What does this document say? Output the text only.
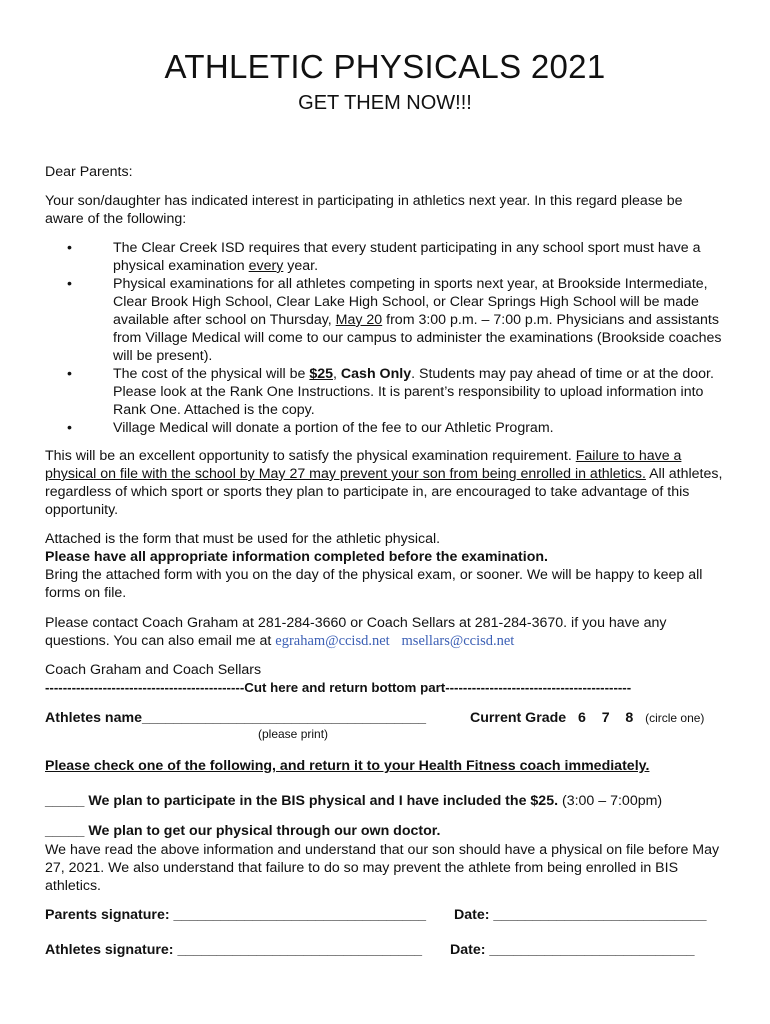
ATHLETIC PHYSICALS 2021
GET THEM NOW!!!
Dear Parents:
Your son/daughter has indicated interest in participating in athletics next year. In this regard please be aware of the following:
•	The Clear Creek ISD requires that every student participating in any school sport must have a physical examination every year.
•	Physical examinations for all athletes competing in sports next year, at Brookside Intermediate, Clear Brook High School, Clear Lake High School, or Clear Springs High School will be made available after school on Thursday, May 20 from 3:00 p.m. – 7:00 p.m. Physicians and assistants from Village Medical will come to our campus to administer the examinations (Brookside coaches will be present).
•	The cost of the physical will be $25, Cash Only. Students may pay ahead of time or at the door. Please look at the Rank One Instructions. It is parent’s responsibility to upload information into Rank One. Attached is the copy.
•	Village Medical will donate a portion of the fee to our Athletic Program.
This will be an excellent opportunity to satisfy the physical examination requirement. Failure to have a physical on file with the school by May 27 may prevent your son from being enrolled in athletics. All athletes, regardless of which sport or sports they plan to participate in, are encouraged to take advantage of this opportunity.
Attached is the form that must be used for the athletic physical.
Please have all appropriate information completed before the examination.
Bring the attached form with you on the day of the physical exam, or sooner. We will be happy to keep all forms on file.
Please contact Coach Graham at 281-284-3660 or Coach Sellars at 281-284-3670. if you have any questions. You can also email me at egraham@ccisd.net msellars@ccisd.net
Coach Graham and Coach Sellars
---------------------------------------------Cut here and return bottom part------------------------------------------
Athletes name____________________________________	Current Grade 6 7 8 (circle one)
(please print)
Please check one of the following, and return it to your Health Fitness coach immediately.
_____ We plan to participate in the BIS physical and I have included the $25. (3:00 – 7:00pm)
_____ We plan to get our physical through our own doctor.
We have read the above information and understand that our son should have a physical on file before May 27, 2021. We also understand that failure to do so may prevent the athlete from being enrolled in BIS athletics.
Parents signature: ________________________________	Date: ___________________________
Athletes signature: _______________________________	Date: __________________________
